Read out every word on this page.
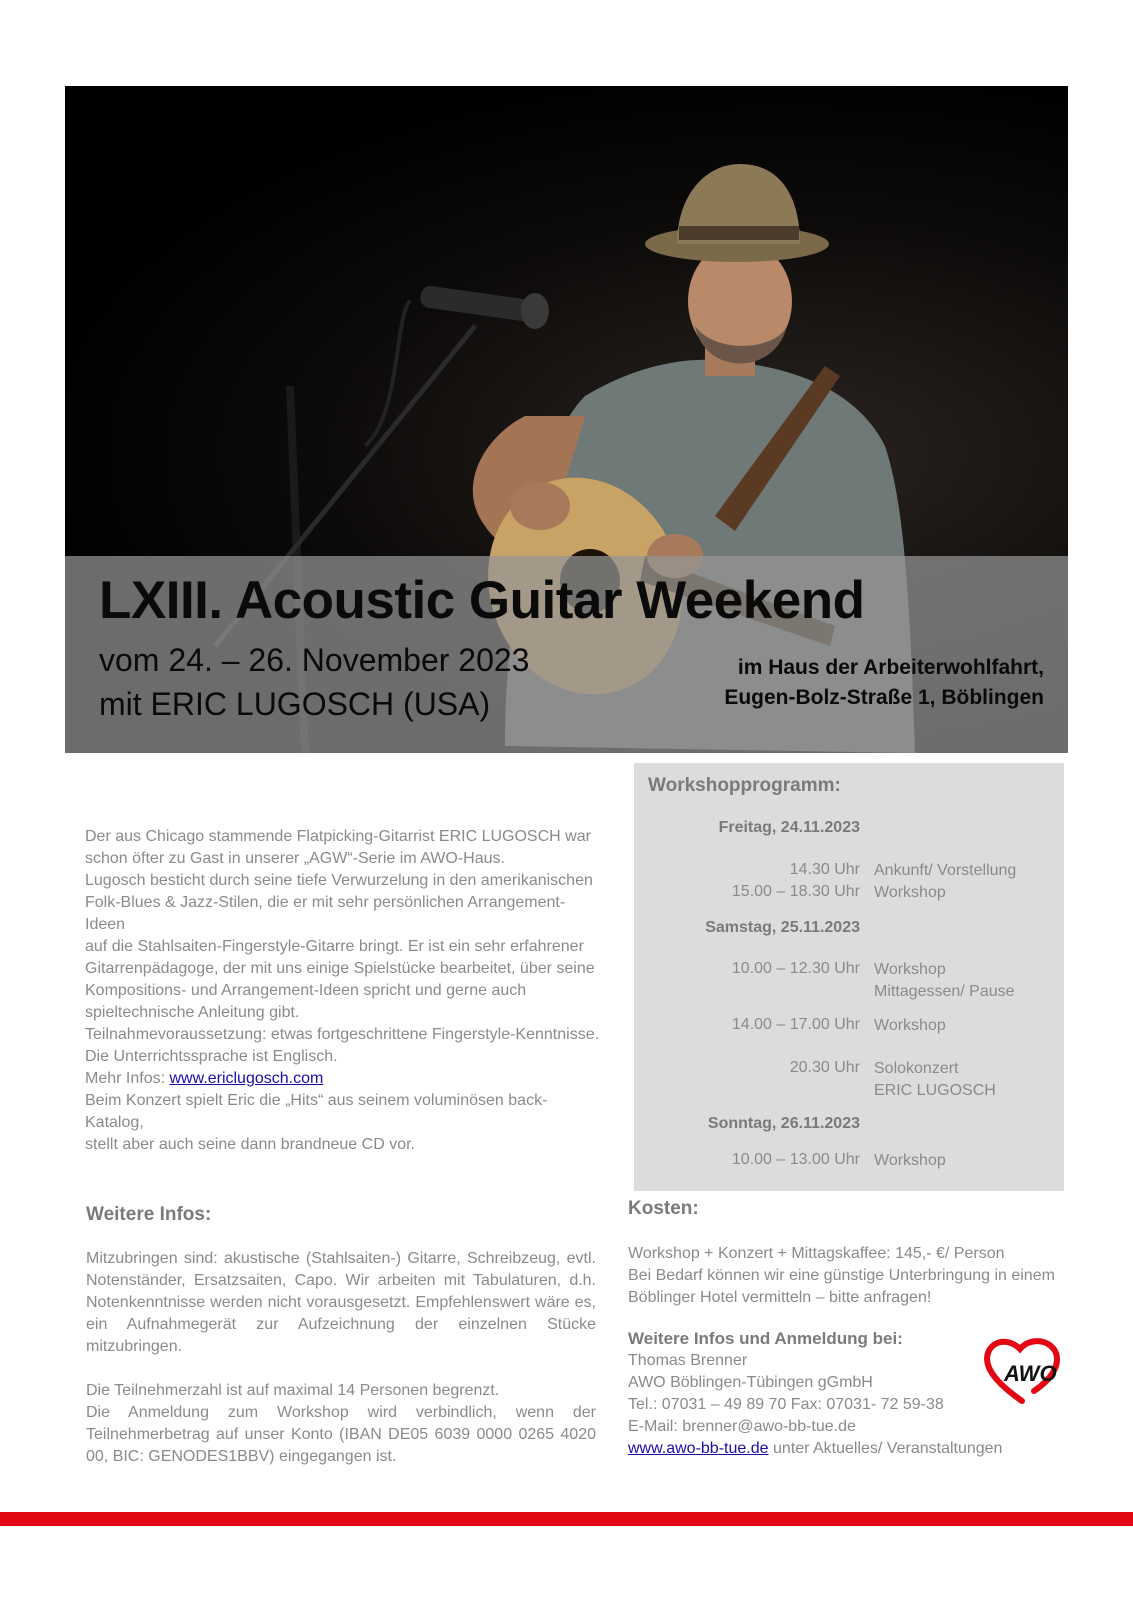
LXIII. Acoustic Guitar Weekend
vom 24. – 26. November 2023
mit ERIC LUGOSCH (USA)
im Haus der Arbeiterwohlfahrt,
Eugen-Bolz-Straße 1, Böblingen

Der aus Chicago stammende Flatpicking-Gitarrist ERIC LUGOSCH war

schon öfter zu Gast in unserer „AGW“-Serie im AWO-Haus.

Lugosch besticht durch seine tiefe Verwurzelung in den amerikanischen

Folk-Blues & Jazz-Stilen, die er mit sehr persönlichen Arrangement-Ideen

auf die Stahlsaiten-Fingerstyle-Gitarre bringt. Er ist ein sehr erfahrener

Gitarrenpädagoge, der mit uns einige Spielstücke bearbeitet, über seine

Kompositions- und Arrangement-Ideen spricht und gerne auch

spieltechnische Anleitung gibt.

Teilnahmevoraussetzung: etwas fortgeschrittene Fingerstyle-Kenntnisse.

Die Unterrichtssprache ist Englisch.

Mehr Infos: www.ericlugosch.com

Beim Konzert spielt Eric die „Hits“ aus seinem voluminösen back-Katalog,

stellt aber auch seine dann brandneue CD vor.

Workshopprogramm:
Freitag, 24.11.2023
14.30 Uhr Ankunft/ Vorstellung
15.00 – 18.30 Uhr Workshop
Samstag, 25.11.2023
10.00 – 12.30 Uhr Workshop
Mittagessen/ Pause
14.00 – 17.00 Uhr Workshop
20.30 Uhr Solokonzert
ERIC LUGOSCH
Sonntag, 26.11.2023
10.00 – 13.00 Uhr Workshop
Weitere Infos:

Mitzubringen sind: akustische (Stahlsaiten-) Gitarre, Schreibzeug, evtl. Notenständer, Ersatzsaiten, Capo. Wir arbeiten mit Tabulaturen, d.h. Notenkenntnisse werden nicht vorausgesetzt. Empfehlenswert wäre es, ein Aufnahmegerät zur Aufzeichnung der einzelnen Stücke mitzubringen.

Die Teilnehmerzahl ist auf maximal 14 Personen begrenzt.

Die Anmeldung zum Workshop wird verbindlich, wenn der Teilnehmerbetrag auf unser Konto (IBAN DE05 6039 0000 0265 4020 00, BIC: GENODES1BBV) eingegangen ist.

Kosten:

Workshop + Konzert + Mittagskaffee: 145,- €/ Person

Bei Bedarf können wir eine günstige Unterbringung in einem

Böblinger Hotel vermitteln – bitte anfragen!

Weitere Infos und Anmeldung bei:

Thomas Brenner

AWO Böblingen-Tübingen gGmbH

Tel.: 07031 – 49 89 70 Fax: 07031- 72 59-38

E-Mail: brenner@awo-bb-tue.de

www.awo-bb-tue.de unter Aktuelles/ Veranstaltungen

AWO
